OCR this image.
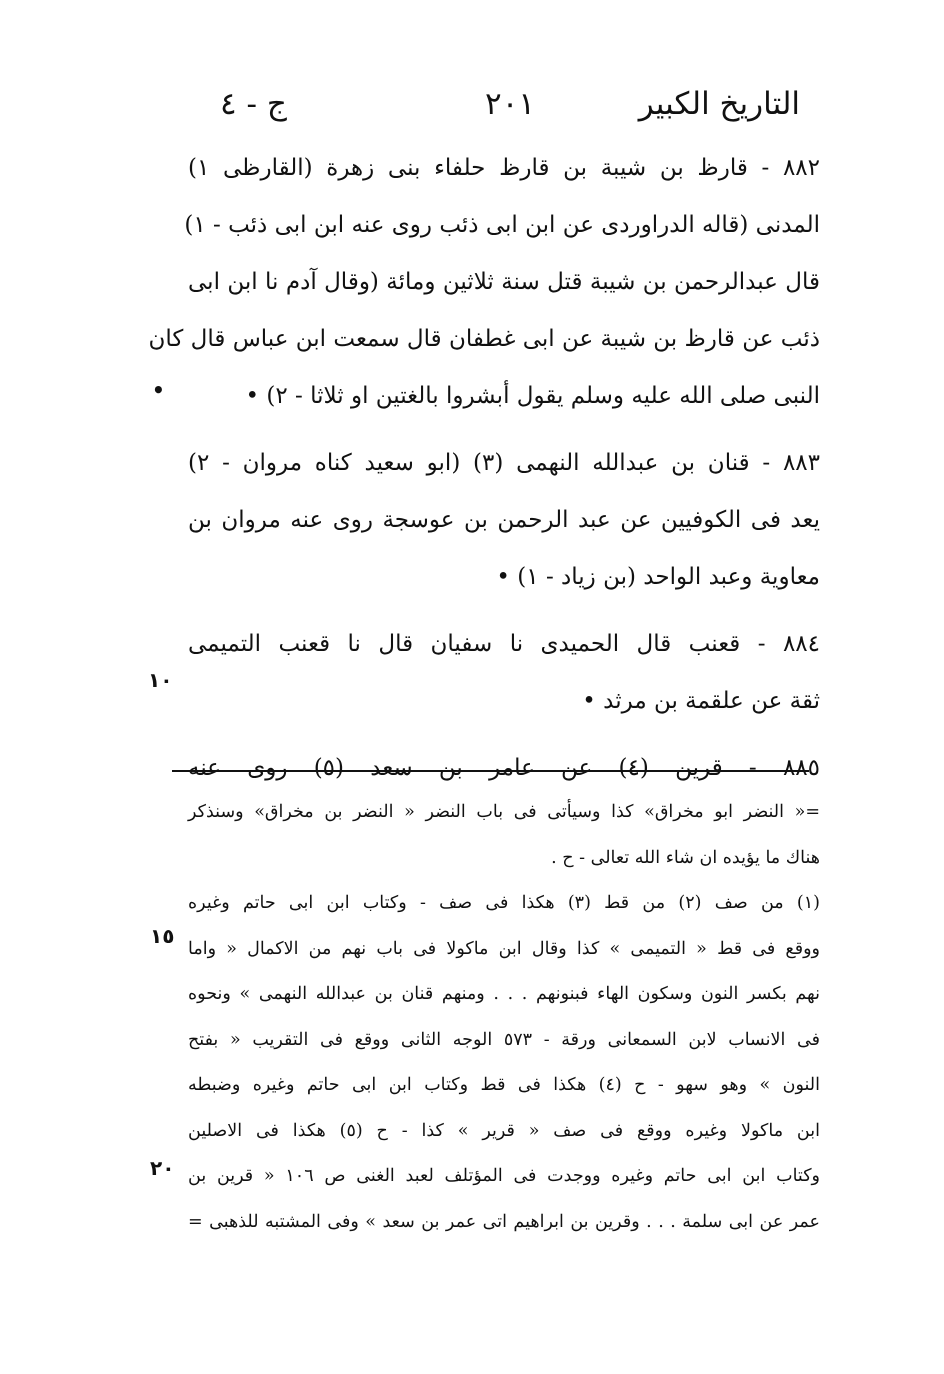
التاريخ الكبير
٢٠١
ج - ٤
٨٨٢ - قارظ بن شيبة بن قارظ حلفاء بنى زهرة (القارظى ١)
المدنى (قاله الدراوردى عن ابن ابى ذئب روى عنه ابن ابى ذئب - ١)
قال عبدالرحمن بن شيبة قتل سنة ثلاثين ومائة (وقال آدم نا ابن ابى
ذئب عن قارظ بن شيبة عن ابى غطفان قال سمعت ابن عباس قال كان
النبى صلى الله عليه وسلم يقول أبشروا بالغتين او ثلاثا - ٢) •
٨٨٣ - قنان بن عبدالله النهمى (٣) (ابو سعيد كناه مروان - ٢)
يعد فى الكوفيين عن عبد الرحمن بن عوسجة روى عنه مروان بن
معاوية وعبد الواحد (بن زياد - ١) •
٨٨٤ - قعنب قال الحميدى نا سفيان قال نا قعنب التميمى
ثقة عن علقمة بن مرثد •
٨٨٥ - قرين (٤) عن عامر بن سعد (٥) روى عنه
•
١٠
١٥
٢٠
=« النضر ابو مخراق» كذا وسيأتى فى باب النضر « النضر بن مخراق» وسنذكر
هناك ما يؤيده ان شاء الله تعالى - ح .
(١) من صف (٢) من قط (٣) هكذا فى صف - وكتاب ابن ابى حاتم وغيره
ووقع فى قط « التميمى » كذا وقال ابن ماكولا فى باب نهم من الاكمال « واما
نهم بكسر النون وسكون الهاء فبنونهم . . . ومنهم قنان بن عبدالله النهمى » ونحوه
فى الانساب لابن السمعانى ورقة - ٥٧٣ الوجه الثانى ووقع فى التقريب « بفتح
النون » وهو سهو - ح (٤) هكذا فى قط وكتاب ابن ابى حاتم وغيره وضبطه
ابن ماكولا وغيره ووقع فى صف « قرير » كذا - ح (٥) هكذا فى الاصلين
وكتاب ابن ابى حاتم وغيره ووجدت فى المؤتلف لعبد الغنى ص ١٠٦ « قرين بن
عمر عن ابى سلمة . . . وقرين بن ابراهيم اتى عمر بن سعد » وفى المشتبه للذهبى =
